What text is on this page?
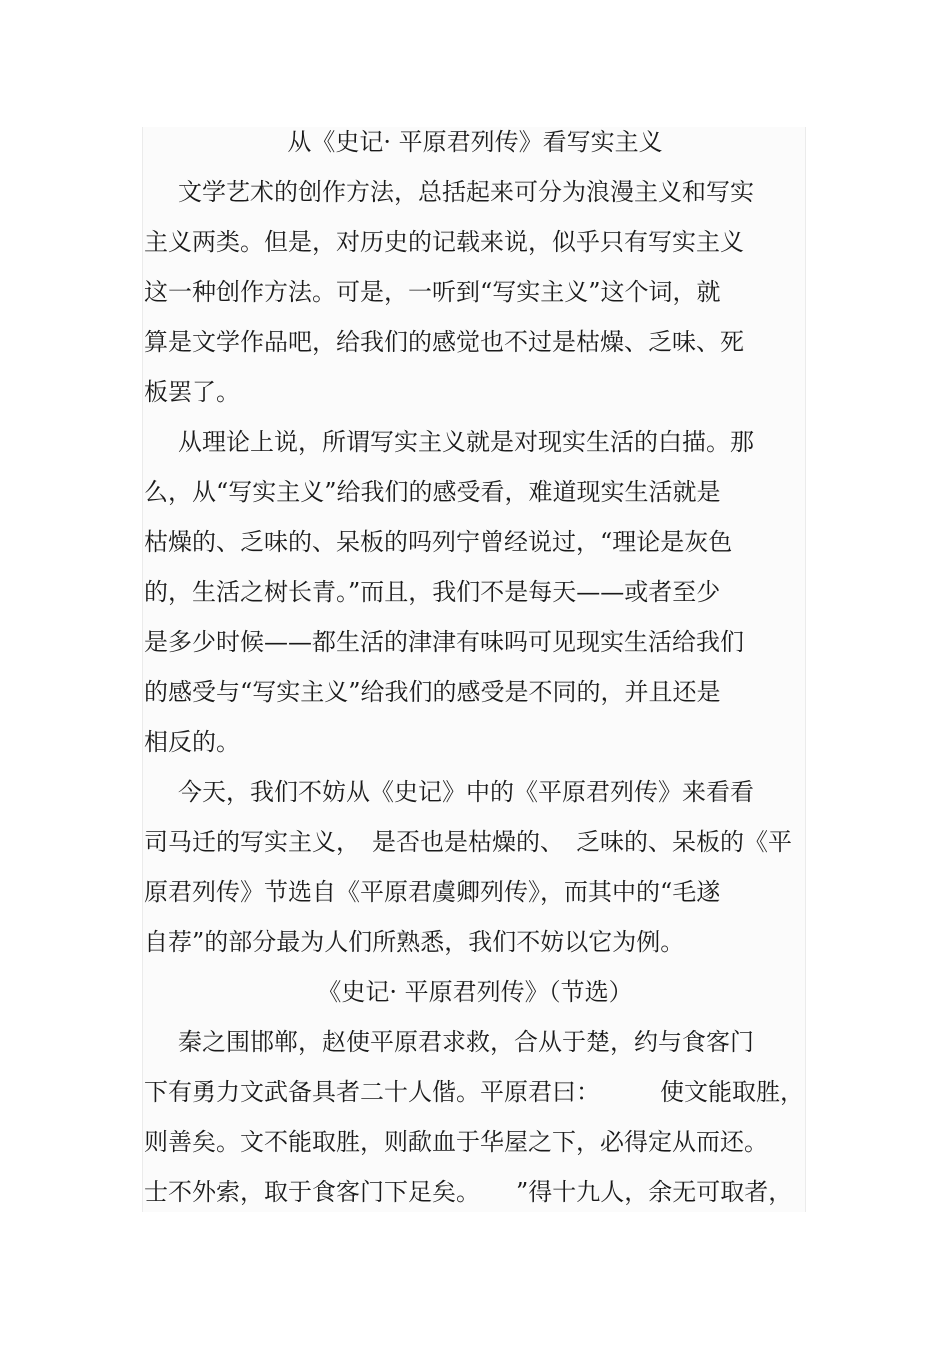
从《史记· 平原君列传》看写实主义
文学艺术的创作方法，总括起来可分为浪漫主义和写实
主义两类。但是，对历史的记载来说，似乎只有写实主义
这一种创作方法。可是，一听到“写实主义”这个词，就
算是文学作品吧，给我们的感觉也不过是枯燥、乏味、死
板罢了。
从理论上说，所谓写实主义就是对现实生活的白描。那
么，从“写实主义”给我们的感受看，难道现实生活就是
枯燥的、乏味的、呆板的吗列宁曾经说过，“理论是灰色
的，生活之树长青。”而且，我们不是每天——或者至少
是多少时候——都生活的津津有味吗可见现实生活给我们
的感受与“写实主义”给我们的感受是不同的，并且还是
相反的。
今天，我们不妨从《史记》中的《平原君列传》来看看
司马迁的写实主义，　是否也是枯燥的、　乏味的、呆板的《平
原君列传》节选自《平原君虞卿列传》，而其中的“毛遂
自荐”的部分最为人们所熟悉，我们不妨以它为例。
《史记· 平原君列传》（节选）
秦之围邯郸，赵使平原君求救，合从于楚，约与食客门
下有勇力文武备具者二十人偕。平原君曰：　　　使文能取胜，
则善矣。文不能取胜，则歃血于华屋之下，必得定从而还。
士不外索，取于食客门下足矣。　　”得十九人，余无可取者，
